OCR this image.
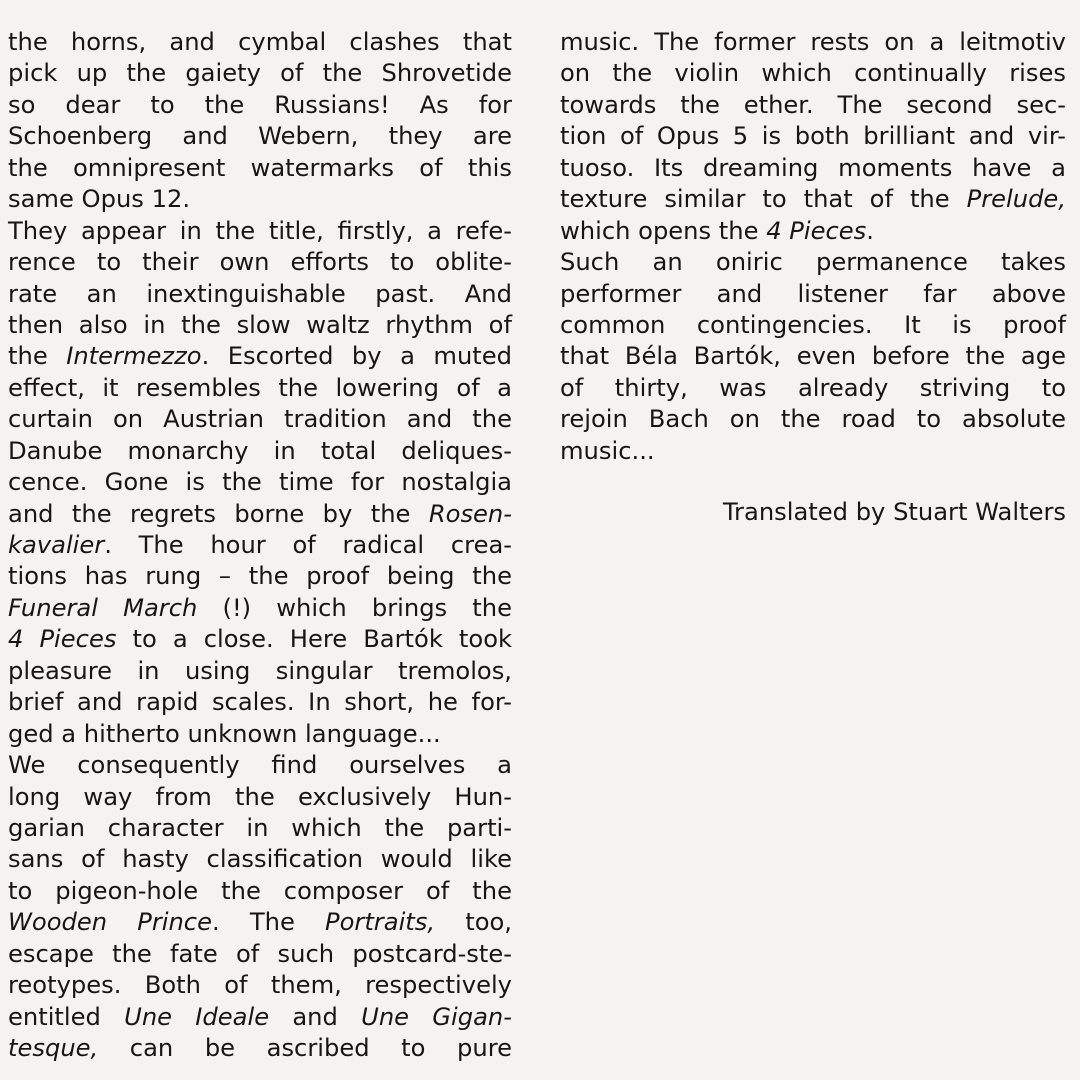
the horns, and cymbal clashes that
pick up the gaiety of the Shrovetide
so dear to the Russians! As for
Schoenberg and Webern, they are
the omnipresent watermarks of this
same Opus 12.
They appear in the title, firstly, a refe-
rence to their own efforts to oblite-
rate an inextinguishable past. And
then also in the slow waltz rhythm of
the Intermezzo. Escorted by a muted
effect, it resembles the lowering of a
curtain on Austrian tradition and the
Danube monarchy in total deliques-
cence. Gone is the time for nostalgia
and the regrets borne by the Rosen-
kavalier. The hour of radical crea-
tions has rung – the proof being the
Funeral March (!) which brings the
4 Pieces to a close. Here Bartók took
pleasure in using singular tremolos,
brief and rapid scales. In short, he for-
ged a hitherto unknown language...
We consequently find ourselves a
long way from the exclusively Hun-
garian character in which the parti-
sans of hasty classification would like
to pigeon-hole the composer of the
Wooden Prince. The Portraits, too,
escape the fate of such postcard-ste-
reotypes. Both of them, respectively
entitled Une Ideale and Une Gigan-
tesque, can be ascribed to pure
music. The former rests on a leitmotiv
on the violin which continually rises
towards the ether. The second sec-
tion of Opus 5 is both brilliant and vir-
tuoso. Its dreaming moments have a
texture similar to that of the Prelude,
which opens the 4 Pieces.
Such an oniric permanence takes
performer and listener far above
common contingencies. It is proof
that Béla Bartók, even before the age
of thirty, was already striving to
rejoin Bach on the road to absolute
music...
Translated by Stuart Walters
